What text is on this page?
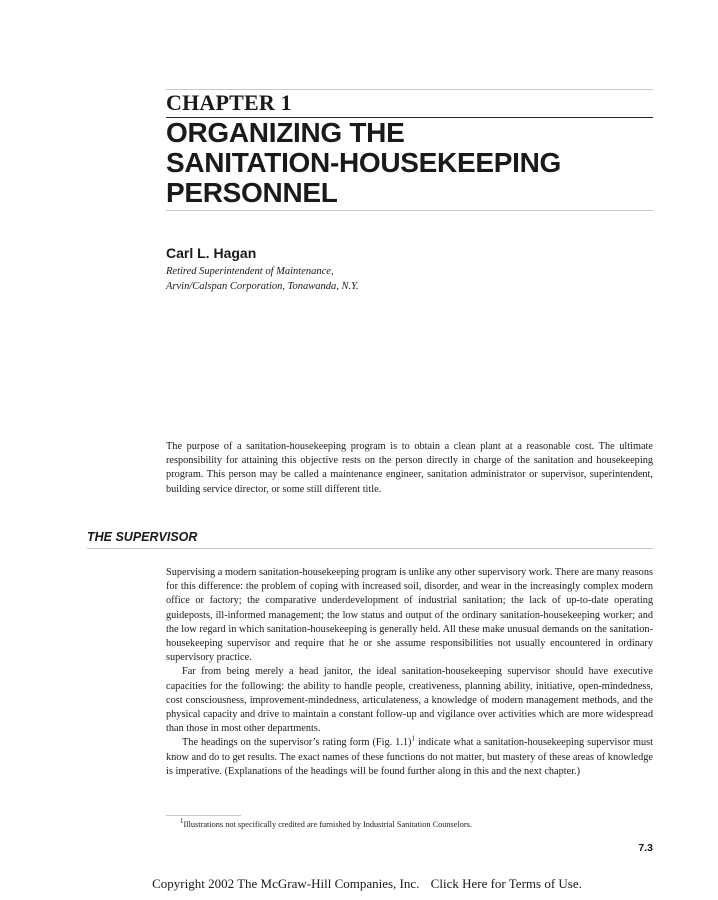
CHAPTER 1
ORGANIZING THE
SANITATION-HOUSEKEEPING
PERSONNEL
Carl L. Hagan
Retired Superintendent of Maintenance,
Arvin/Calspan Corporation, Tonawanda, N.Y.
The purpose of a sanitation-housekeeping program is to obtain a clean plant at a reasonable cost. The ultimate responsibility for attaining this objective rests on the person directly in charge of the sanitation and housekeeping program. This person may be called a maintenance engineer, sanitation administrator or supervisor, superintendent, building service director, or some still different title.
THE SUPERVISOR

Supervising a modern sanitation-housekeeping program is unlike any other supervisory work. There are many reasons for this difference: the problem of coping with increased soil, disorder, and wear in the increasingly complex modern office or factory; the comparative underdevelopment of industrial sanitation; the lack of up-to-date operating guideposts, ill-informed management; the low status and output of the ordinary sanitation-housekeeping worker; and the low regard in which sanitation-housekeeping is generally held. All these make unusual demands on the sanitation-housekeeping supervisor and require that he or she assume responsibilities not usually encountered in ordinary supervisory practice.

Far from being merely a head janitor, the ideal sanitation-housekeeping supervisor should have executive capacities for the following: the ability to handle people, creativeness, planning ability, initiative, open-mindedness, cost consciousness, improvement-mindedness, articulateness, a knowledge of modern management methods, and the physical capacity and drive to maintain a constant follow-up and vigilance over activities which are more widespread than those in most other departments.

The headings on the supervisor’s rating form (Fig. 1.1)$^1$ indicate what a sanitation-housekeeping supervisor must know and do to get results. The exact names of these functions do not matter, but mastery of these areas of knowledge is imperative. (Explanations of the headings will be found further along in this and the next chapter.)

$^1$Illustrations not specifically credited are furnished by Industrial Sanitation Counselors.
7.3
Copyright 2002 The McGraw-Hill Companies, Inc. Click Here for Terms of Use.
